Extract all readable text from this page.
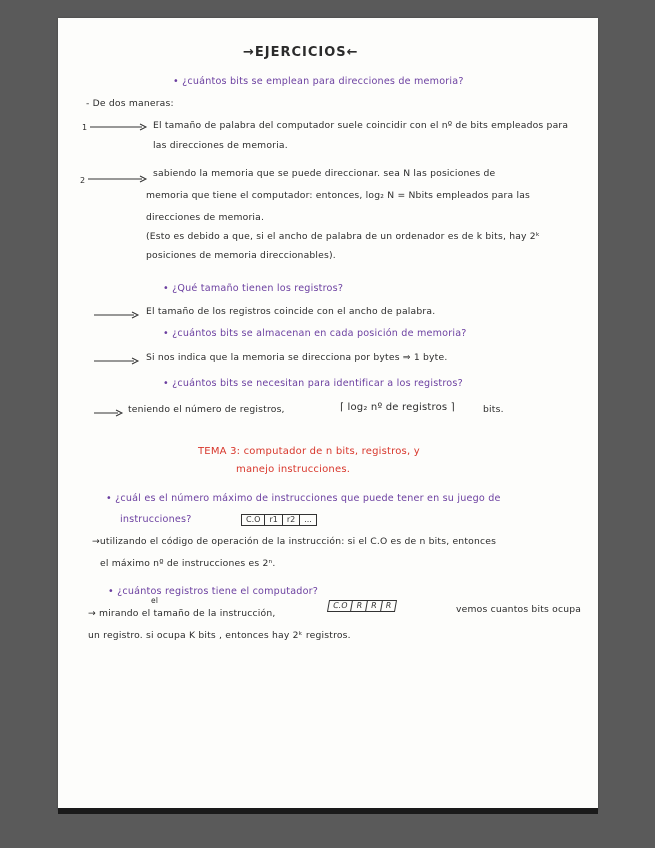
→EJERCICIOS←
• ¿cuántos bits se emplean para direcciones de memoria?
- De dos maneras:
1	El tamaño de palabra del computador suele coincidir con el nº de bits empleados para
las direcciones de memoria.
2
sabiendo la memoria que se puede direccionar. sea N las posiciones de
memoria que tiene el computador: entonces, log₂ N = Nbits empleados para las
direcciones de memoria.
(Esto es debido a que, si el ancho de palabra de un ordenador es de k bits, hay 2ᵏ
posiciones de memoria direccionables).
• ¿Qué tamaño tienen los registros?
El tamaño de los registros coincide con el ancho de palabra.
• ¿cuántos bits se almacenan en cada posición de memoria?
Si nos indica que la memoria se direcciona por bytes ⇒ 1 byte.
• ¿cuántos bits se necesitan para identificar a los registros?
teniendo el número de registros,	⌈ log₂ nº de registros ⌉	bits.
TEMA 3: computador de n bits, registros, y
manejo instrucciones.
• ¿cuál es el número máximo de instrucciones que puede tener en su juego de
instrucciones?	C.O	r1	r2	...
→utilizando el código de operación de la instrucción: si el C.O es de n bits, entonces
el máximo nº de instrucciones es 2ⁿ.
• ¿cuántos registros tiene el computador?
→ mirando el tamaño de la instrucción,
el
C.O R R R	vemos cuantos bits ocupa
un registro. si ocupa K bits , entonces hay 2ᵏ registros.
